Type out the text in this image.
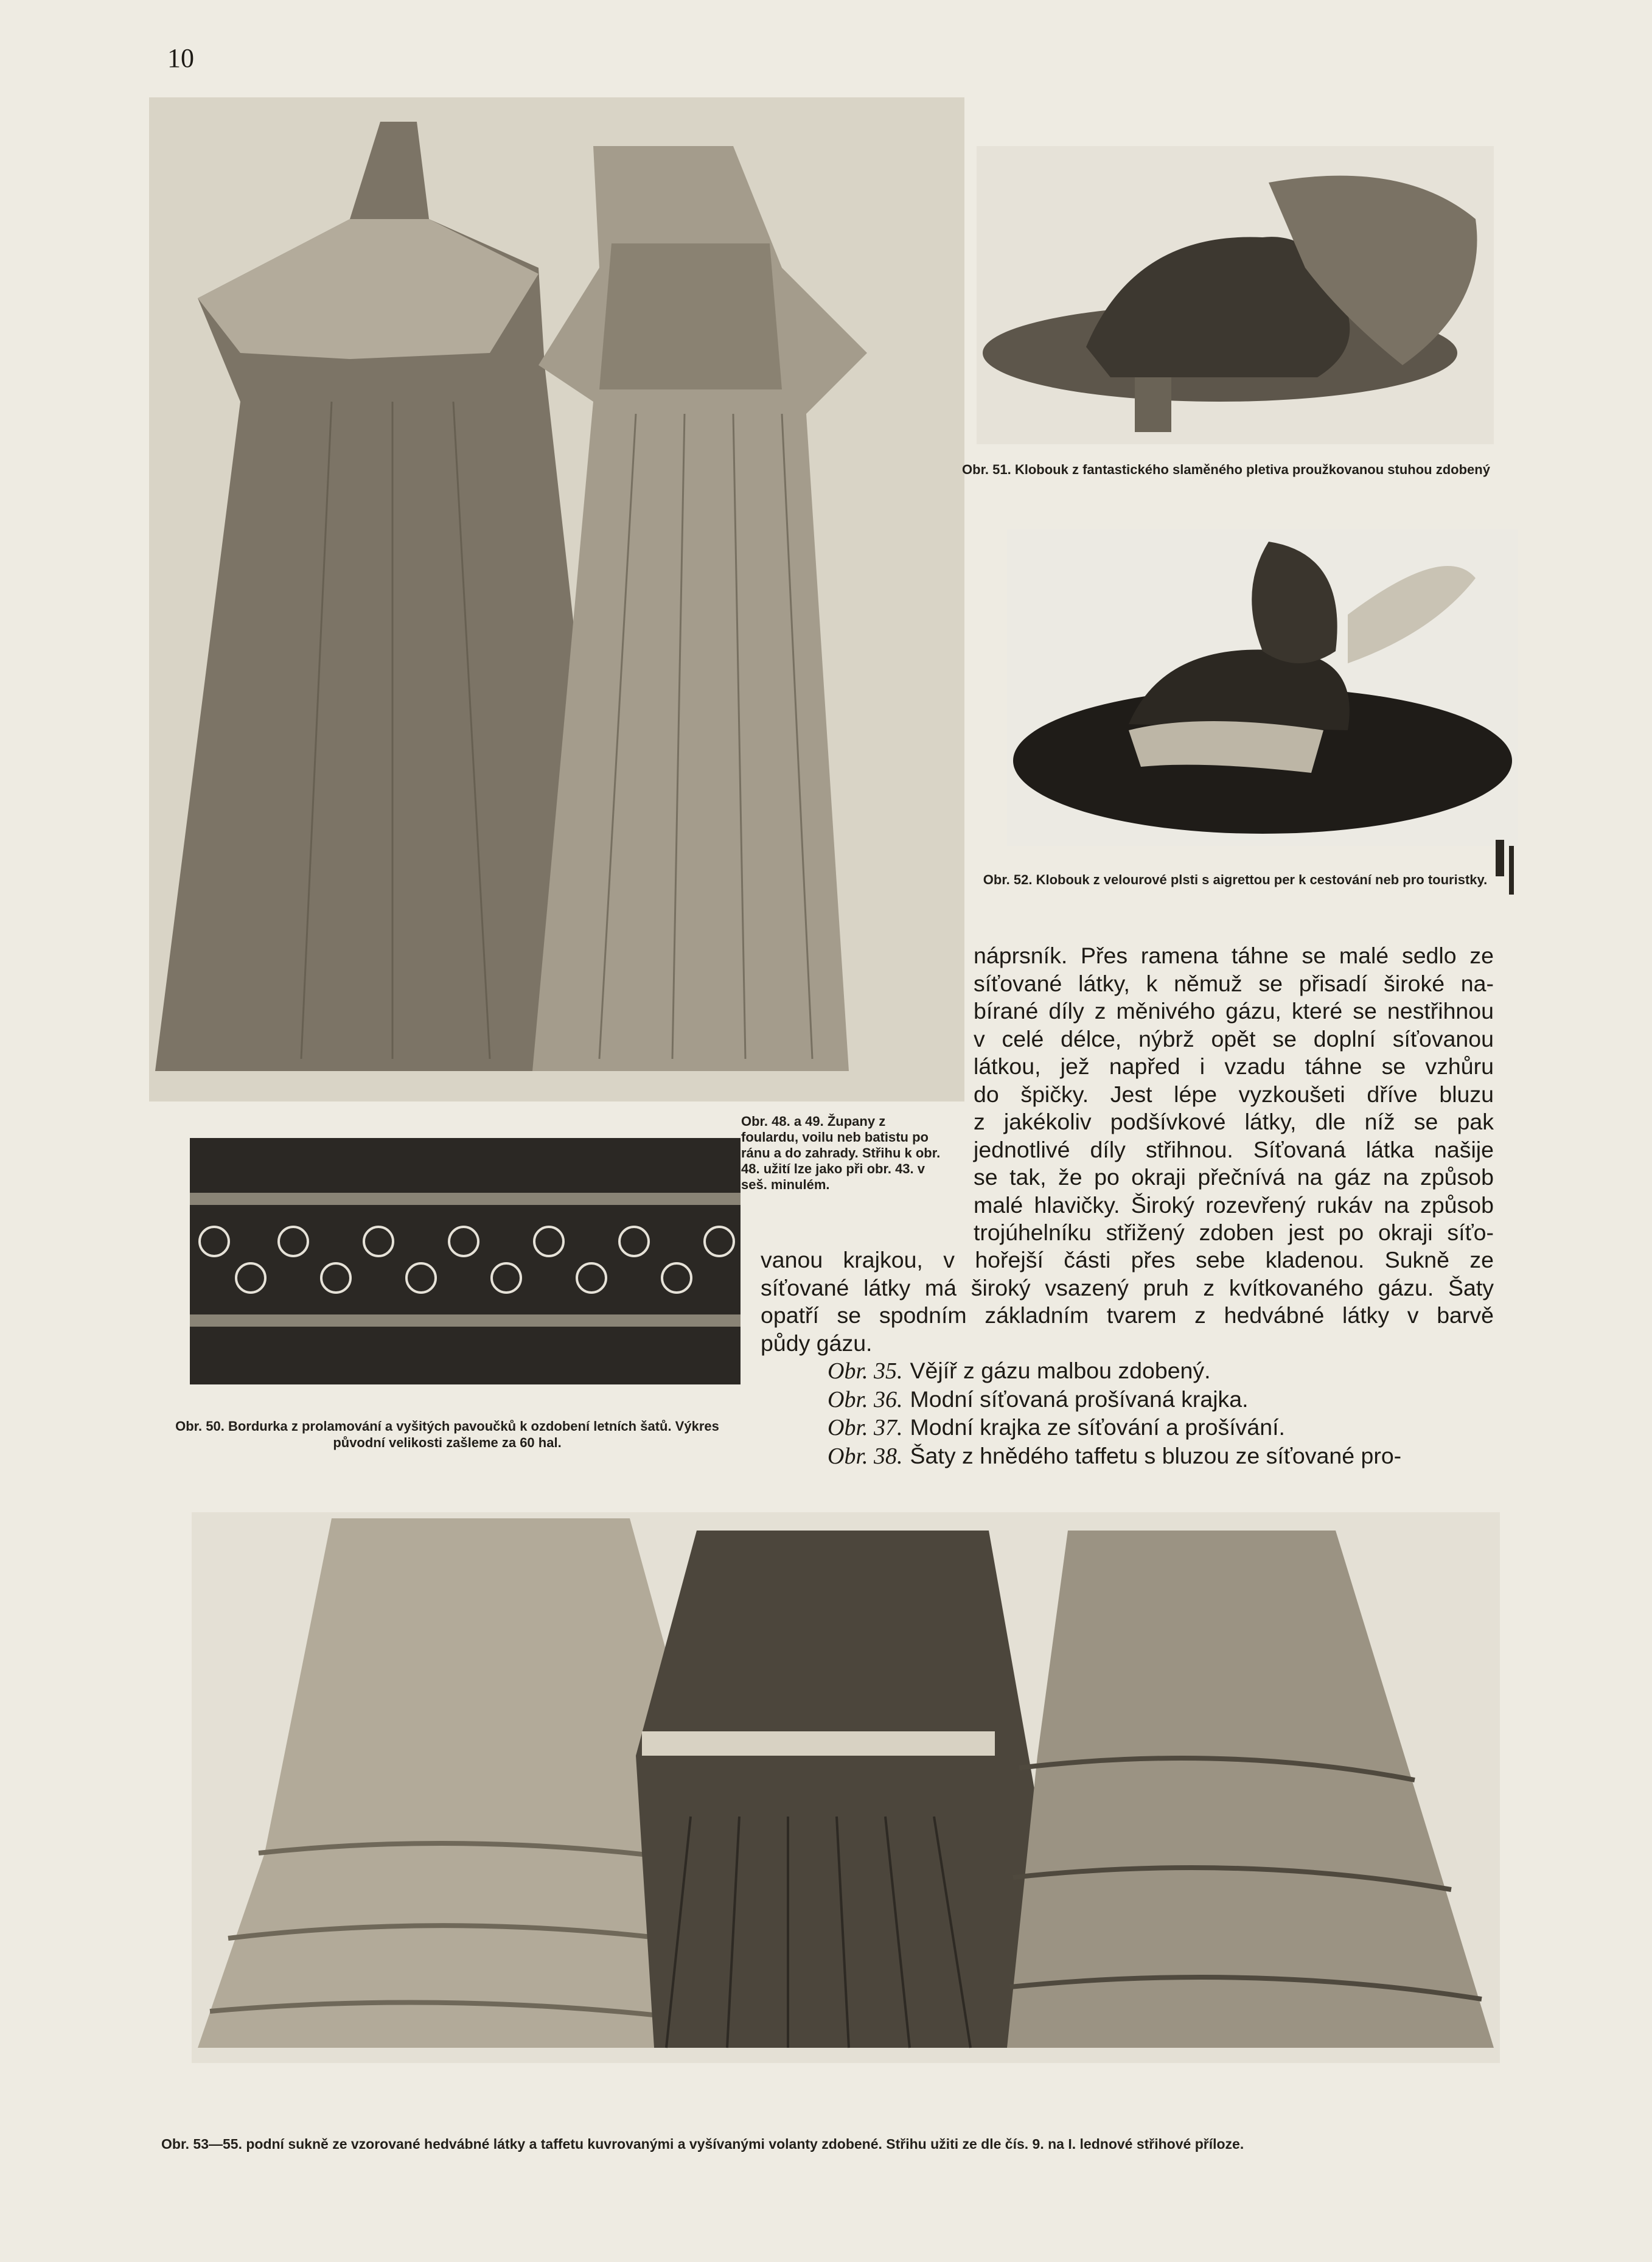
10
Obr. 51. Klobouk z fantastického slaměného pletiva proužkovanou stuhou zdobený
Obr. 52. Klobouk z velourové plsti s aigrettou per k cestování neb pro touristky.
Obr. 48. a 49. Župany z foulardu, voilu neb batistu po ránu a do zahrady. Střihu k obr. 48. užití lze jako při obr. 43. v seš. minulém.
Obr. 50. Bordurka z prolamování a vyšitých pavoučků k ozdobení letních šatů. Výkres původní velikosti zašleme za 60 hal.

náprsník. Přes ramena táhne se malé sedlo ze

síťované látky, k němuž se přisadí široké na-

bírané díly z měnivého gázu, které se nestřihnou

v celé délce, nýbrž opět se doplní síťovanou

látkou, jež napřed i vzadu táhne se vzhůru

do špičky. Jest lépe vyzkoušeti dříve bluzu

z jakékoliv podšívkové látky, dle níž se pak

jednotlivé díly střihnou. Síťovaná látka našije

se tak, že po okraji přečnívá na gáz na způsob

malé hlavičky. Široký rozevřený rukáv na způsob

trojúhelníku střižený zdoben jest po okraji síťo-

vanou krajkou, v hořejší části přes sebe kladenou. Sukně ze

síťované látky má široký vsazený pruh z kvítkovaného gázu. Šaty

opatří se spodním základním tvarem z hedvábné látky v barvě

půdy gázu.

Obr. 35. Vějíř z gázu malbou zdobený.

Obr. 36. Modní síťovaná prošívaná krajka.

Obr. 37. Modní krajka ze síťování a prošívání.

Obr. 38. Šaty z hnědého taffetu s bluzou ze síťované pro-

Obr. 53—55. podní sukně ze vzorované hedvábné látky a taffetu kuvrovanými a vyšívanými volanty zdobené. Střihu užiti ze dle čís. 9. na I. lednové střihové příloze.
